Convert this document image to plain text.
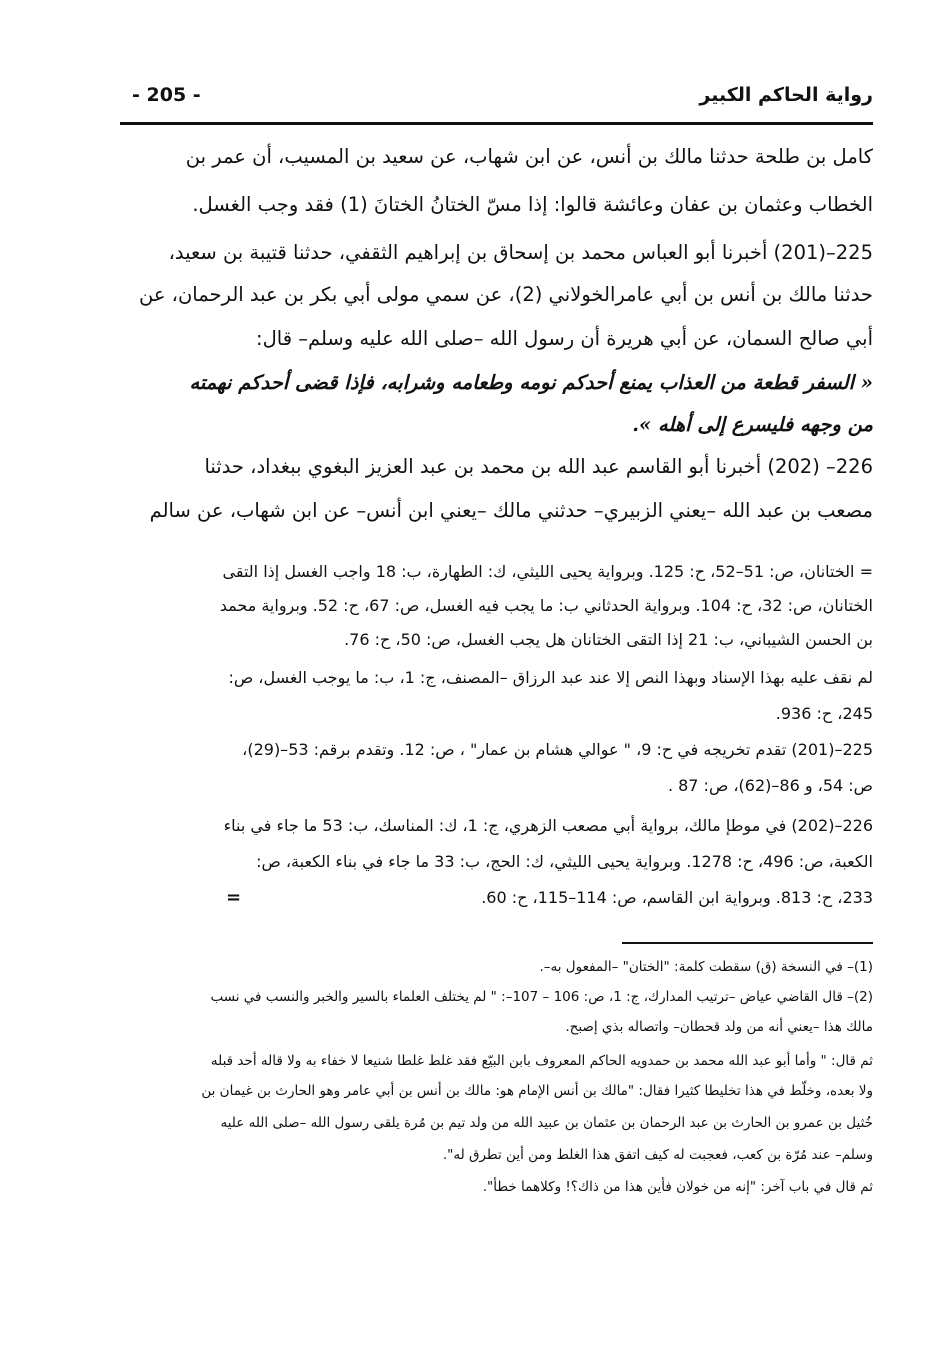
رواية الحاكم الكبير
- 205 -
كامل بن طلحة حدثنا مالك بن أنس، عن ابن شهاب، عن سعيد بن المسيب، أن عمر بن
الخطاب وعثمان بن عفان وعائشة قالوا: إذا مسّ الختانُ الختانَ (1) فقد وجب الغسل.
225–(201) أخبرنا أبو العباس محمد بن إسحاق بن إبراهيم الثقفي، حدثنا قتيبة بن سعيد،
حدثنا مالك بن أنس بن أبي عامرالخولاني (2)، عن سمي مولى أبي بكر بن عبد الرحمان، عن
أبي صالح السمان، عن أبي هريرة أن رسول الله –صلى الله عليه وسلم– قال:
« السفر قطعة من العذاب يمنع أحدكم نومه وطعامه وشرابه، فإذا قضى أحدكم نهمته
من وجهه فليسرع إلى أهله ».
226– (202) أخبرنا أبو القاسم عبد الله بن محمد بن عبد العزيز البغوي ببغداد، حدثنا
مصعب بن عبد الله –يعني الزبيري– حدثني مالك –يعني ابن أنس– عن ابن شهاب، عن سالم
= الختانان، ص: 51–52، ح: 125. وبرواية يحيى الليثي، ك: الطهارة، ب: 18 واجب الغسل إذا التقى
الختانان، ص: 32، ح: 104. وبرواية الحدثاني ب: ما يجب فيه الغسل، ص: 67، ح: 52. وبرواية محمد
بن الحسن الشيباني، ب: 21 إذا التقى الختانان هل يجب الغسل، ص: 50، ح: 76.
لم نقف عليه بهذا الإسناد وبهذا النص إلا عند عبد الرزاق –المصنف، ج: 1، ب: ما يوجب الغسل، ص:
245، ح: 936.
225–(201) تقدم تخريجه في ح: 9، " عوالي هشام بن عمار" ، ص: 12. وتقدم برقم: 53–(29)،
ص: 54، و 86–(62)، ص: 87 .
226–(202) في موطإ مالك، برواية أبي مصعب الزهري، ج: 1، ك: المناسك، ب: 53 ما جاء في بناء
الكعبة، ص: 496، ح: 1278. وبرواية يحيى الليثي، ك: الحج، ب: 33 ما جاء في بناء الكعبة، ص:
233، ح: 813. وبرواية ابن القاسم، ص: 114–115، ح: 60.
=
(1)– في النسخة (ق) سقطت كلمة: "الختان" –المفعول به–.
(2)– قال القاضي عياض –ترتيب المدارك، ج: 1، ص: 106 – 107–: " لم يختلف العلماء بالسير والخبر والنسب في نسب
مالك هذا –يعني أنه من ولد قحطان– واتصاله بذي إصبح.
ثم قال: " وأما أبو عبد الله محمد بن حمدويه الحاكم المعروف بابن البيّع فقد غلط غلطا شنيعا لا خفاء به ولا قاله أحد قبله
ولا بعده، وخلّط في هذا تخليطا كثيرا فقال: "مالك بن أنس الإمام هو: مالك بن أنس بن أبي عامر وهو الحارث بن غيمان بن
خُثيل بن عمرو بن الحارث بن عبد الرحمان بن عثمان بن عبيد الله من ولد تيم بن مُرة يلقى رسول الله –صلى الله عليه
وسلم– عند مُرّة بن كعب، فعجبت له كيف اتفق هذا الغلط ومن أين تطرق له".
ثم قال في باب آخر: "إنه من خولان فأين هذا من ذاك؟! وكلاهما خطأ".
